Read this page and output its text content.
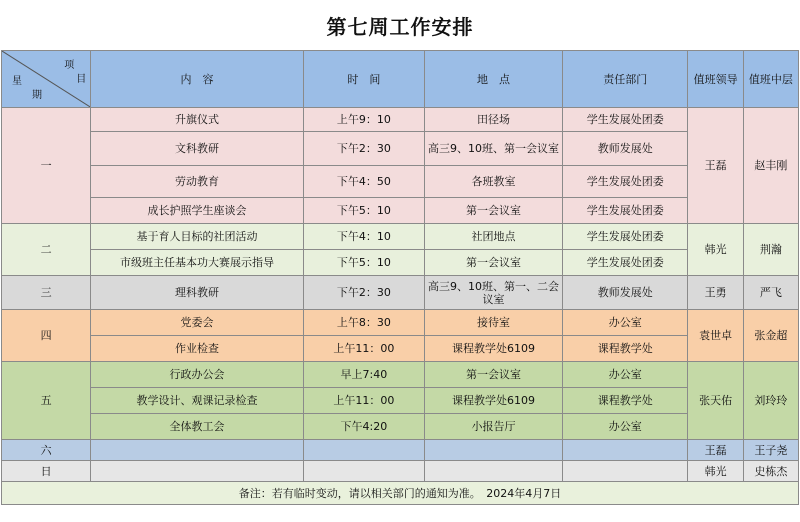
第七周工作安排
项
目
星
期	内　容	时　间	地　点	责任部门	值班领导	值班中层
一	升旗仪式	上午9：10	田径场	学生发展处团委	王磊	赵丰刚
	文科教研	下午2：30	高三9、10班、第一会议室	教师发展处		
	劳动教育	下午4：50	各班教室	学生发展处团委		
	成长护照学生座谈会	下午5：10	第一会议室	学生发展处团委		
二	基于育人目标的社团活动	下午4：10	社团地点	学生发展处团委	韩光	荆瀚
	市级班主任基本功大赛展示指导	下午5：10	第一会议室	学生发展处团委		
三	理科教研	下午2：30	高三9、10班、第一、二会议室	教师发展处	王勇	严飞
四	党委会	上午8：30	接待室	办公室	袁世卓	张金超
	作业检查	上午11：00	课程教学处6109	课程教学处		
五	行政办公会	早上7:40	第一会议室	办公室	张天佑	刘玲玲
	教学设计、观课记录检查	上午11：00	课程教学处6109	课程教学处		
	全体教工会	下午4:20	小报告厅	办公室		
六					王磊	王子尧
日					韩光	史栋杰
备注：若有临时变动，请以相关部门的通知为准。　2024年4月7日						
